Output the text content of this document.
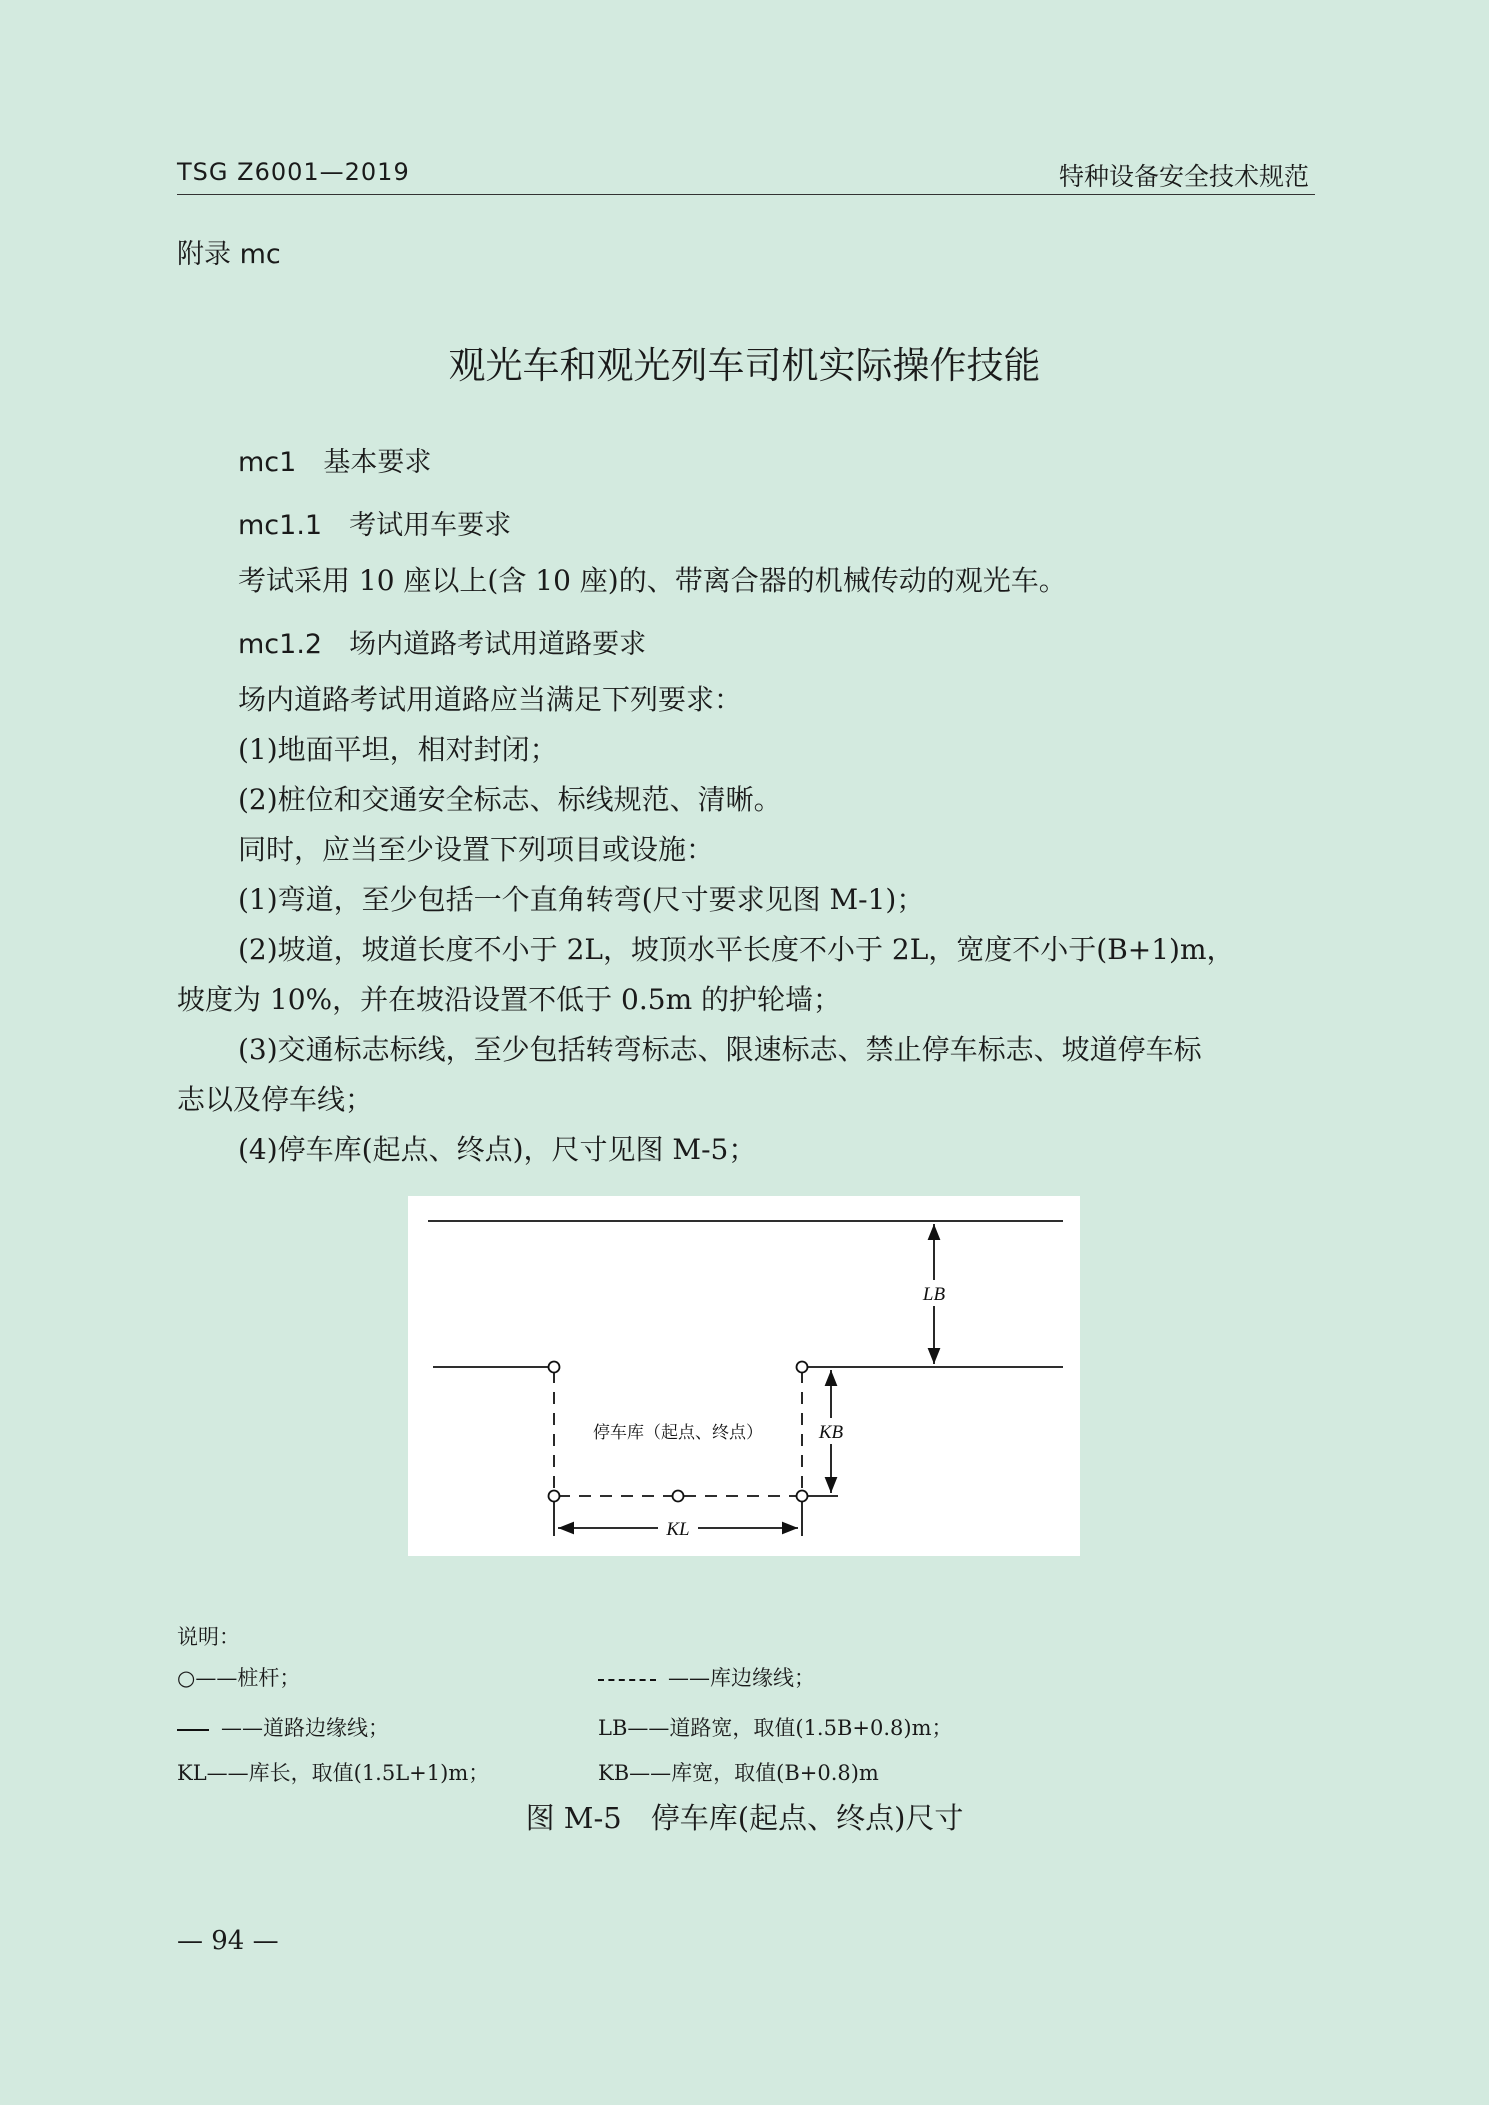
TSG Z6001—2019	特种设备安全技术规范
附录 mc
观光车和观光列车司机实际操作技能
mc1　基本要求
mc1.1　考试用车要求
考试采用 10 座以上(含 10 座)的、带离合器的机械传动的观光车。
mc1.2　场内道路考试用道路要求
场内道路考试用道路应当满足下列要求：
(1)地面平坦，相对封闭；
(2)桩位和交通安全标志、标线规范、清晰。
同时，应当至少设置下列项目或设施：
(1)弯道，至少包括一个直角转弯(尺寸要求见图 M-1)；
(2)坡道，坡道长度不小于 2L，坡顶水平长度不小于 2L，宽度不小于(B+1)m，
坡度为 10%，并在坡沿设置不低于 0.5m 的护轮墙；
(3)交通标志标线，至少包括转弯标志、限速标志、禁止停车标志、坡道停车标
志以及停车线；
(4)停车库(起点、终点)，尺寸见图 M-5；
LB
KB
KL
停车库（起点、终点）
说明：
○——桩杆；	——库边缘线；
——道路边缘线；	LB——道路宽，取值(1.5B+0.8)m；
KL——库长，取值(1.5L+1)m；	KB——库宽，取值(B+0.8)m
图 M-5　停车库(起点、终点)尺寸
— 94 —
